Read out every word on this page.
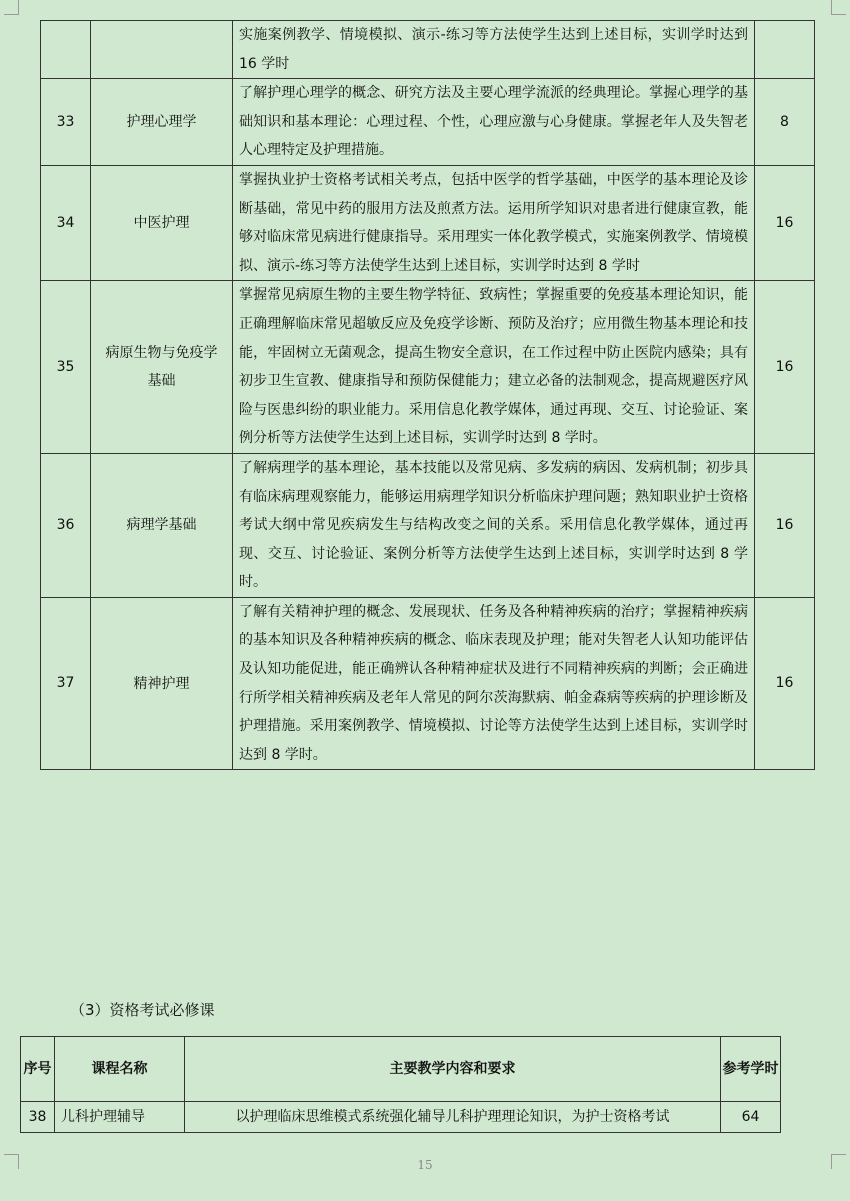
		实施案例教学、情境模拟、演示-练习等方法使学生达到上述目标，实训学时达到 16 学时	
33	护理心理学	了解护理心理学的概念、研究方法及主要心理学流派的经典理论。掌握心理学的基础知识和基本理论：心理过程、个性，心理应激与心身健康。掌握老年人及失智老人心理特定及护理措施。	8
34	中医护理	掌握执业护士资格考试相关考点，包括中医学的哲学基础，中医学的基本理论及诊断基础，常见中药的服用方法及煎煮方法。运用所学知识对患者进行健康宣教，能够对临床常见病进行健康指导。采用理实一体化教学模式，实施案例教学、情境模拟、演示-练习等方法使学生达到上述目标，实训学时达到 8 学时	16
35	病原生物与免疫学基础	掌握常见病原生物的主要生物学特征、致病性；掌握重要的免疫基本理论知识，能正确理解临床常见超敏反应及免疫学诊断、预防及治疗；应用微生物基本理论和技能，牢固树立无菌观念，提高生物安全意识，在工作过程中防止医院内感染；具有初步卫生宣教、健康指导和预防保健能力；建立必备的法制观念，提高规避医疗风险与医患纠纷的职业能力。采用信息化教学媒体，通过再现、交互、讨论验证、案例分析等方法使学生达到上述目标，实训学时达到 8 学时。	16
36	病理学基础	了解病理学的基本理论，基本技能以及常见病、多发病的病因、发病机制；初步具有临床病理观察能力，能够运用病理学知识分析临床护理问题；熟知职业护士资格考试大纲中常见疾病发生与结构改变之间的关系。采用信息化教学媒体，通过再现、交互、讨论验证、案例分析等方法使学生达到上述目标，实训学时达到 8 学时。	16
37	精神护理	了解有关精神护理的概念、发展现状、任务及各种精神疾病的治疗；掌握精神疾病的基本知识及各种精神疾病的概念、临床表现及护理；能对失智老人认知功能评估及认知功能促进，能正确辨认各种精神症状及进行不同精神疾病的判断；会正确进行所学相关精神疾病及老年人常见的阿尔茨海默病、帕金森病等疾病的护理诊断及护理措施。采用案例教学、情境模拟、讨论等方法使学生达到上述目标，实训学时达到 8 学时。	16
（3）资格考试必修课
序号	课程名称	主要教学内容和要求	参考学时
38	儿科护理辅导	以护理临床思维模式系统强化辅导儿科护理理论知识，为护士资格考试	64
15
